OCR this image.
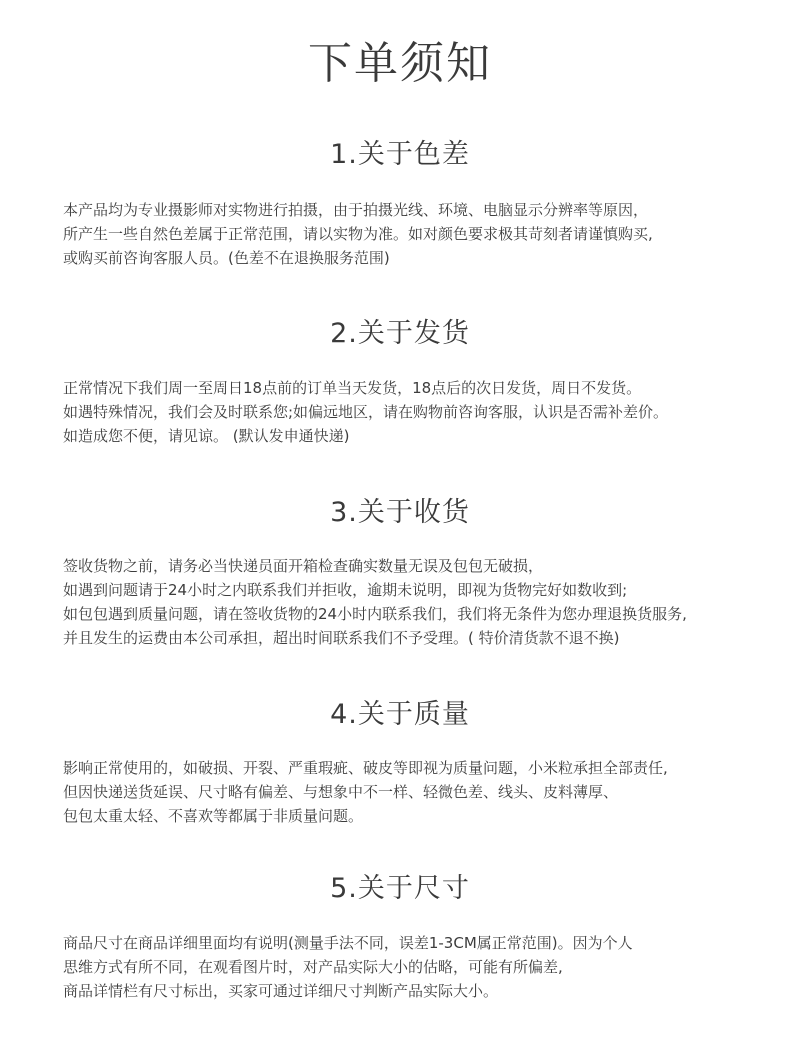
下单须知
1.关于色差
本产品均为专业摄影师对实物进行拍摄，由于拍摄光线、环境、电脑显示分辨率等原因，
所产生一些自然色差属于正常范围，请以实物为准。如对颜色要求极其苛刻者请谨慎购买,
或购买前咨询客服人员。(色差不在退换服务范围)
2.关于发货
正常情况下我们周一至周日18点前的订单当天发货，18点后的次日发货，周日不发货。
如遇特殊情况，我们会及时联系您;如偏远地区，请在购物前咨询客服，认识是否需补差价。
如造成您不便，请见谅。 (默认发申通快递)
3.关于收货
签收货物之前，请务必当快递员面开箱检查确实数量无误及包包无破损，
如遇到问题请于24小时之内联系我们并拒收，逾期未说明，即视为货物完好如数收到;
如包包遇到质量问题，请在签收货物的24小时内联系我们，我们将无条件为您办理退换货服务,
并且发生的运费由本公司承担，超出时间联系我们不予受理。( 特价清货款不退不换)
4.关于质量
影响正常使用的，如破损、开裂、严重瑕疵、破皮等即视为质量问题，小米粒承担全部责任,
但因快递送货延误、尺寸略有偏差、与想象中不一样、轻微色差、线头、皮料薄厚、
包包太重太轻、不喜欢等都属于非质量问题。
5.关于尺寸
商品尺寸在商品详细里面均有说明(测量手法不同，误差1-3CM属正常范围)。因为个人
思维方式有所不同，在观看图片时，对产品实际大小的估略，可能有所偏差,
商品详情栏有尺寸标出，买家可通过详细尺寸判断产品实际大小。
